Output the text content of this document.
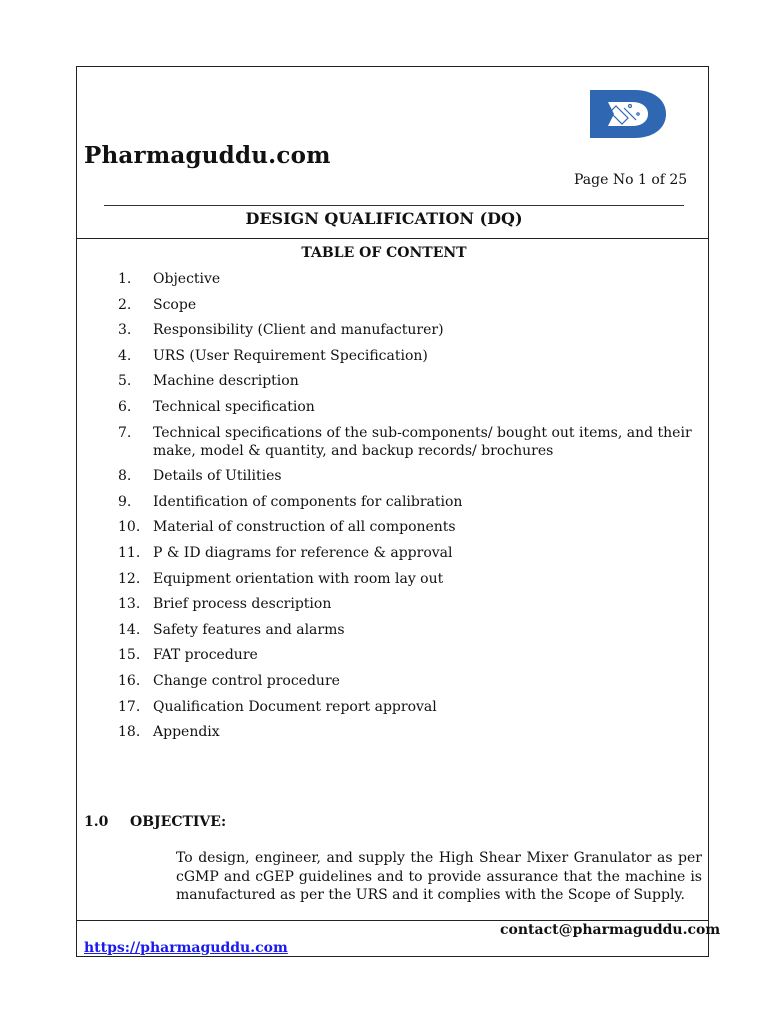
Pharmaguddu.com
Page No 1 of 25
DESIGN QUALIFICATION (DQ)
TABLE OF CONTENT
1.	Objective
2.	Scope
3.	Responsibility (Client and manufacturer)
4.	URS (User Requirement Specification)
5.	Machine description
6.	Technical specification
7.	Technical specifications of the sub-components/ bought out items, and their make, model & quantity, and backup records/ brochures
8.	Details of Utilities
9.	Identification of components for calibration
10. Material of construction of all components
11. P & ID diagrams for reference & approval
12. Equipment orientation with room lay out
13. Brief process description
14. Safety features and alarms
15. FAT procedure
16. Change control procedure
17. Qualification Document report approval
18. Appendix
1.0 OBJECTIVE:
To design, engineer, and supply the High Shear Mixer Granulator as per cGMP and cGEP guidelines and to provide assurance that the machine is manufactured as per the URS and it complies with the Scope of Supply.
contact@pharmaguddu.com
https://pharmaguddu.com
